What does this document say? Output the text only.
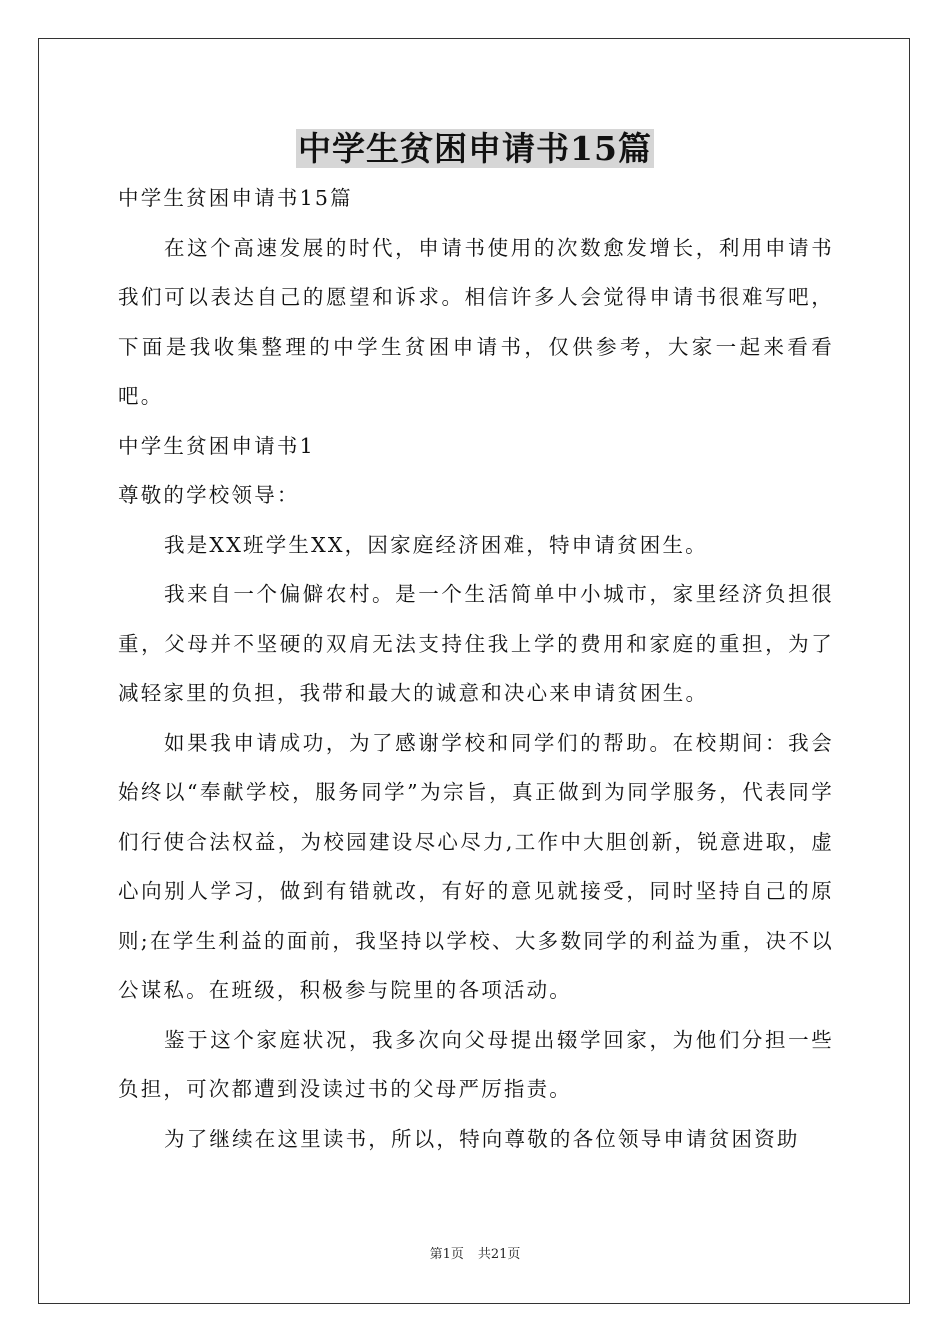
中学生贫困申请书15篇

中学生贫困申请书15篇

在这个高速发展的时代，申请书使用的次数愈发增长，利用申请书我们可以表达自己的愿望和诉求。相信许多人会觉得申请书很难写吧，下面是我收集整理的中学生贫困申请书，仅供参考，大家一起来看看吧。

中学生贫困申请书1

尊敬的学校领导：

我是XX班学生XX，因家庭经济困难，特申请贫困生。

我来自一个偏僻农村。是一个生活简单中小城市，家里经济负担很重，父母并不坚硬的双肩无法支持住我上学的费用和家庭的重担，为了减轻家里的负担，我带和最大的诚意和决心来申请贫困生。

如果我申请成功，为了感谢学校和同学们的帮助。在校期间：我会始终以“奉献学校，服务同学”为宗旨，真正做到为同学服务，代表同学们行使合法权益，为校园建设尽心尽力,工作中大胆创新，锐意进取，虚心向别人学习，做到有错就改，有好的意见就接受，同时坚持自己的原则;在学生利益的面前，我坚持以学校、大多数同学的利益为重，决不以公谋私。在班级，积极参与院里的各项活动。

鉴于这个家庭状况，我多次向父母提出辍学回家，为他们分担一些负担，可次都遭到没读过书的父母严厉指责。

为了继续在这里读书，所以，特向尊敬的各位领导申请贫困资助

第1页 共21页
